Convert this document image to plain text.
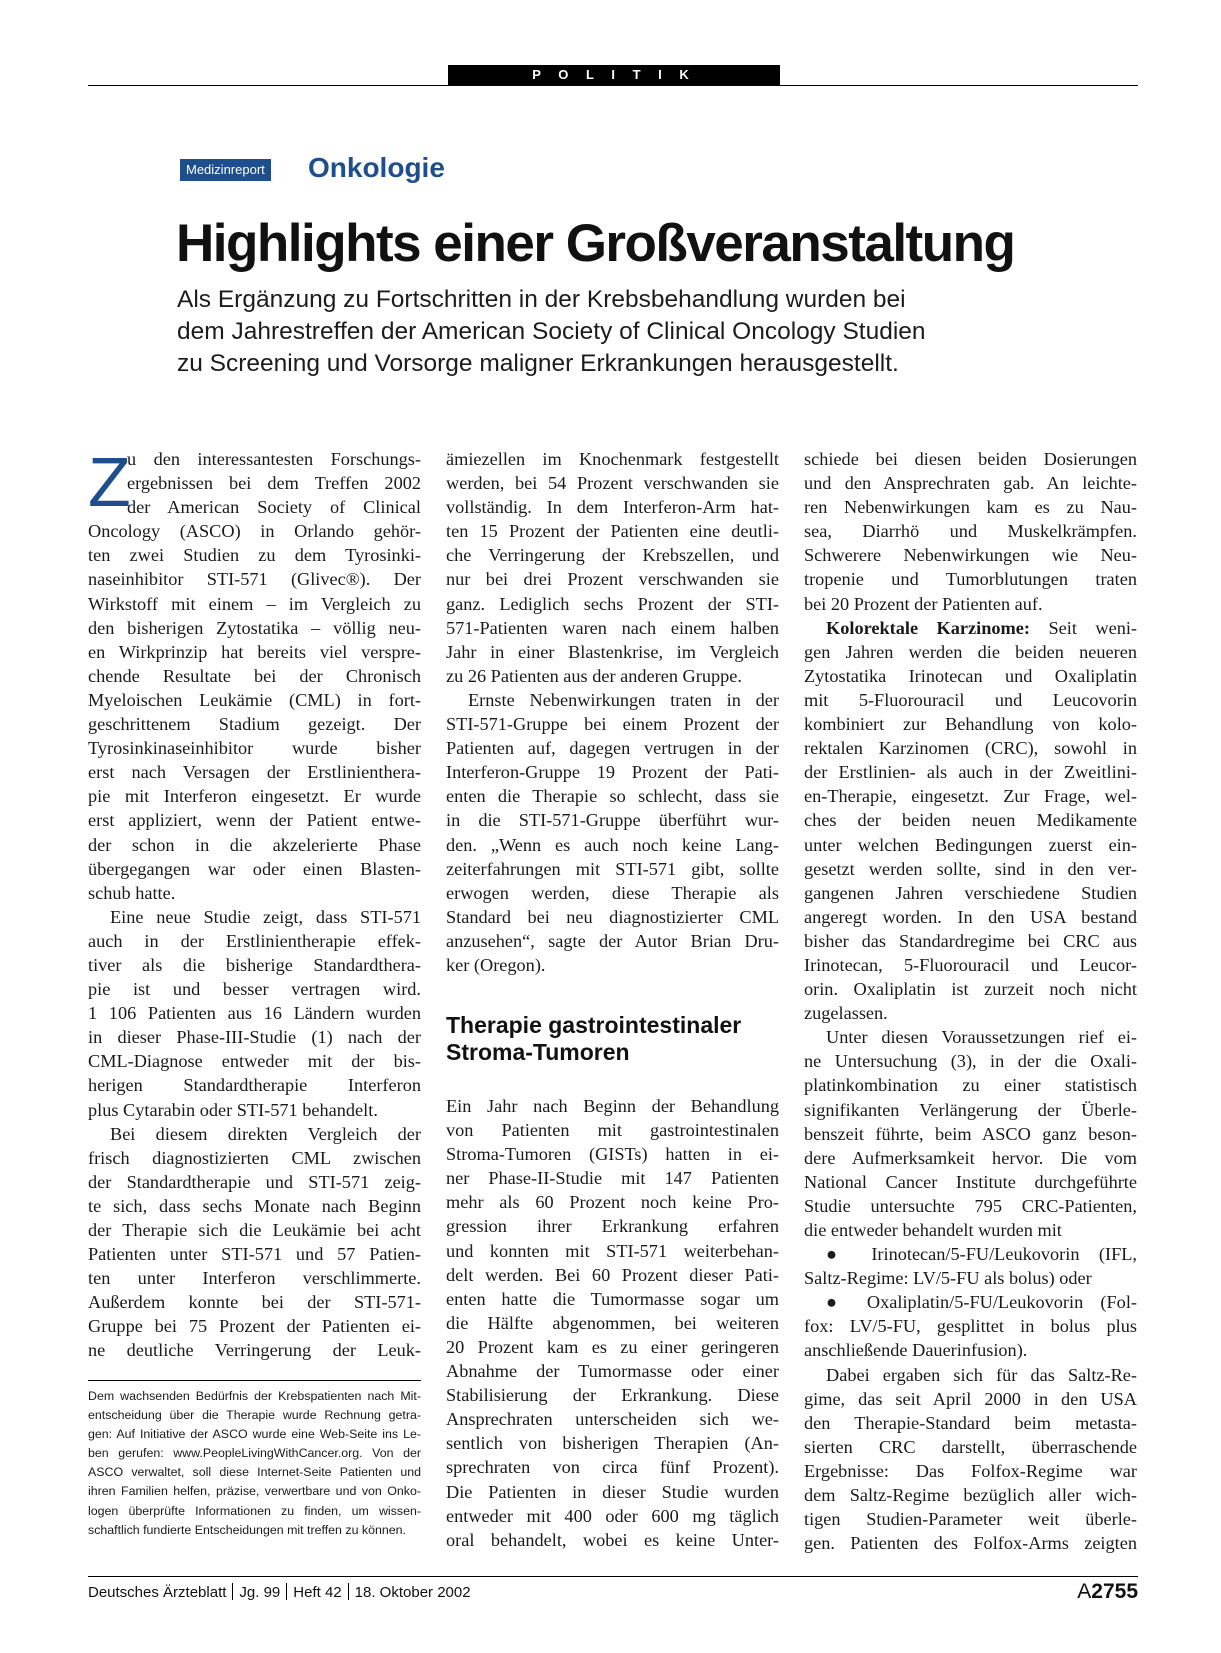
P O L I T I K
Medizinreport Onkologie
Highlights einer Großveranstaltung
Als Ergänzung zu Fortschritten in der Krebsbehandlung wurden bei
dem Jahrestreffen der American Society of Clinical Oncology Studien
zu Screening und Vorsorge maligner Erkrankungen herausgestellt.

Z
u den interessantesten Forschungs-
ergebnissen bei dem Treffen 2002
der American Society of Clinical
Oncology (ASCO) in Orlando gehör-
ten zwei Studien zu dem Tyrosinki-
naseinhibitor STI-571 (Glivec®). Der
Wirkstoff mit einem – im Vergleich zu
den bisherigen Zytostatika – völlig neu-
en Wirkprinzip hat bereits viel verspre-
chende Resultate bei der Chronisch
Myeloischen Leukämie (CML) in fort-
geschrittenem Stadium gezeigt. Der
Tyrosinkinaseinhibitor wurde bisher
erst nach Versagen der Erstlinienthera-
pie mit Interferon eingesetzt. Er wurde
erst appliziert, wenn der Patient entwe-
der schon in die akzelerierte Phase
übergegangen war oder einen Blasten-
schub hatte.

Eine neue Studie zeigt, dass STI-571
auch in der Erstlinientherapie effek-
tiver als die bisherige Standardthera-
pie ist und besser vertragen wird.
1 106 Patienten aus 16 Ländern wurden
in dieser Phase-III-Studie (1) nach der
CML-Diagnose entweder mit der bis-
herigen Standardtherapie Interferon
plus Cytarabin oder STI-571 behandelt.

Bei diesem direkten Vergleich der
frisch diagnostizierten CML zwischen
der Standardtherapie und STI-571 zeig-
te sich, dass sechs Monate nach Beginn
der Therapie sich die Leukämie bei acht
Patienten unter STI-571 und 57 Patien-
ten unter Interferon verschlimmerte.
Außerdem konnte bei der STI-571-
Gruppe bei 75 Prozent der Patienten ei-
ne deutliche Verringerung der Leuk-

Dem wachsenden Bedürfnis der Krebspatienten nach Mit-
entscheidung über die Therapie wurde Rechnung getra-
gen: Auf Initiative der ASCO wurde eine Web-Seite ins Le-
ben gerufen: www.PeopleLivingWithCancer.org. Von der
ASCO verwaltet, soll diese Internet-Seite Patienten und
ihren Familien helfen, präzise, verwertbare und von Onko-
logen überprüfte Informationen zu finden, um wissen-
schaftlich fundierte Entscheidungen mit treffen zu können.

ämiezellen im Knochenmark festgestellt
werden, bei 54 Prozent verschwanden sie
vollständig. In dem Interferon-Arm hat-
ten 15 Prozent der Patienten eine deutli-
che Verringerung der Krebszellen, und
nur bei drei Prozent verschwanden sie
ganz. Lediglich sechs Prozent der STI-
571-Patienten waren nach einem halben
Jahr in einer Blastenkrise, im Vergleich
zu 26 Patienten aus der anderen Gruppe.

Ernste Nebenwirkungen traten in der
STI-571-Gruppe bei einem Prozent der
Patienten auf, dagegen vertrugen in der
Interferon-Gruppe 19 Prozent der Pati-
enten die Therapie so schlecht, dass sie
in die STI-571-Gruppe überführt wur-
den. „Wenn es auch noch keine Lang-
zeiterfahrungen mit STI-571 gibt, sollte
erwogen werden, diese Therapie als
Standard bei neu diagnostizierter CML
anzusehen“, sagte der Autor Brian Dru-
ker (Oregon).

Therapie gastrointestinaler
Stroma-Tumoren

Ein Jahr nach Beginn der Behandlung
von Patienten mit gastrointestinalen
Stroma-Tumoren (GISTs) hatten in ei-
ner Phase-II-Studie mit 147 Patienten
mehr als 60 Prozent noch keine Pro-
gression ihrer Erkrankung erfahren
und konnten mit STI-571 weiterbehan-
delt werden. Bei 60 Prozent dieser Pati-
enten hatte die Tumormasse sogar um
die Hälfte abgenommen, bei weiteren
20 Prozent kam es zu einer geringeren
Abnahme der Tumormasse oder einer
Stabilisierung der Erkrankung. Diese
Ansprechraten unterscheiden sich we-
sentlich von bisherigen Therapien (An-
sprechraten von circa fünf Prozent).
Die Patienten in dieser Studie wurden
entweder mit 400 oder 600 mg täglich
oral behandelt, wobei es keine Unter-

schiede bei diesen beiden Dosierungen
und den Ansprechraten gab. An leichte-
ren Nebenwirkungen kam es zu Nau-
sea, Diarrhö und Muskelkrämpfen.
Schwerere Nebenwirkungen wie Neu-
tropenie und Tumorblutungen traten
bei 20 Prozent der Patienten auf.

Kolorektale Karzinome: Seit weni-
gen Jahren werden die beiden neueren
Zytostatika Irinotecan und Oxaliplatin
mit 5-Fluorouracil und Leucovorin
kombiniert zur Behandlung von kolo-
rektalen Karzinomen (CRC), sowohl in
der Erstlinien- als auch in der Zweitlini-
en-Therapie, eingesetzt. Zur Frage, wel-
ches der beiden neuen Medikamente
unter welchen Bedingungen zuerst ein-
gesetzt werden sollte, sind in den ver-
gangenen Jahren verschiedene Studien
angeregt worden. In den USA bestand
bisher das Standardregime bei CRC aus
Irinotecan, 5-Fluorouracil und Leucor-
orin. Oxaliplatin ist zurzeit noch nicht
zugelassen.

Unter diesen Voraussetzungen rief ei-
ne Untersuchung (3), in der die Oxali-
platinkombination zu einer statistisch
signifikanten Verlängerung der Überle-
benszeit führte, beim ASCO ganz beson-
dere Aufmerksamkeit hervor. Die vom
National Cancer Institute durchgeführte
Studie untersuchte 795 CRC-Patienten,
die entweder behandelt wurden mit

● Irinotecan/5-FU/Leukovorin (IFL,
Saltz-Regime: LV/5-FU als bolus) oder

● Oxaliplatin/5-FU/Leukovorin (Fol-
fox: LV/5-FU, gesplittet in bolus plus
anschließende Dauerinfusion).

Dabei ergaben sich für das Saltz-Re-
gime, das seit April 2000 in den USA
den Therapie-Standard beim metasta-
sierten CRC darstellt, überraschende
Ergebnisse: Das Folfox-Regime war
dem Saltz-Regime bezüglich aller wich-
tigen Studien-Parameter weit überle-
gen. Patienten des Folfox-Arms zeigten

Deutsches Ärzteblatt Jg. 99 Heft 42 18. Oktober 2002	A2755
